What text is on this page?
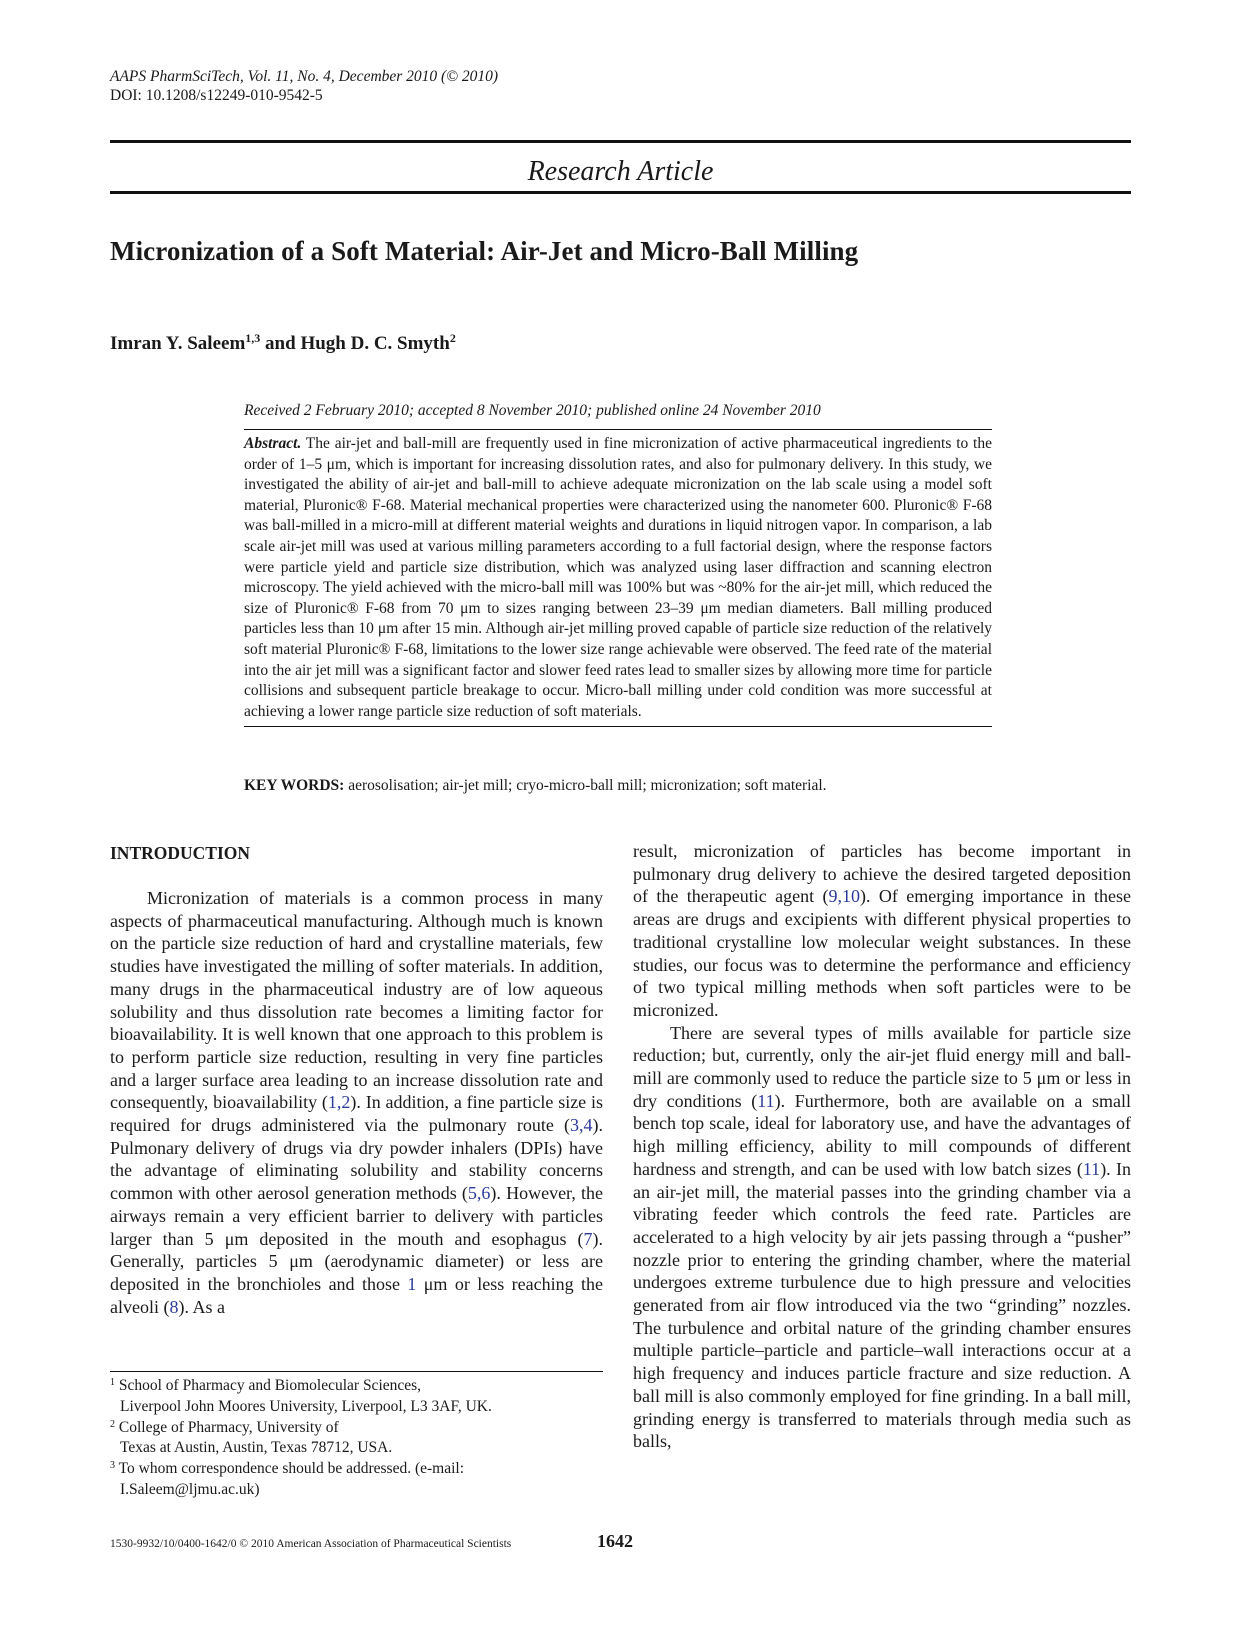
AAPS PharmSciTech, Vol. 11, No. 4, December 2010 (© 2010)
DOI: 10.1208/s12249-010-9542-5
Research Article
Micronization of a Soft Material: Air-Jet and Micro-Ball Milling
Imran Y. Saleem$^{1,3}$ and Hugh D. C. Smyth$^2$
Received 2 February 2010; accepted 8 November 2010; published online 24 November 2010
Abstract. The air-jet and ball-mill are frequently used in fine micronization of active pharmaceutical ingredients to the order of 1–5 μm, which is important for increasing dissolution rates, and also for pulmonary delivery. In this study, we investigated the ability of air-jet and ball-mill to achieve adequate micronization on the lab scale using a model soft material, Pluronic® F-68. Material mechanical properties were characterized using the nanometer 600. Pluronic® F-68 was ball-milled in a micro-mill at different material weights and durations in liquid nitrogen vapor. In comparison, a lab scale air-jet mill was used at various milling parameters according to a full factorial design, where the response factors were particle yield and particle size distribution, which was analyzed using laser diffraction and scanning electron microscopy. The yield achieved with the micro-ball mill was 100% but was ~80% for the air-jet mill, which reduced the size of Pluronic® F-68 from 70 μm to sizes ranging between 23–39 μm median diameters. Ball milling produced particles less than 10 μm after 15 min. Although air-jet milling proved capable of particle size reduction of the relatively soft material Pluronic® F-68, limitations to the lower size range achievable were observed. The feed rate of the material into the air jet mill was a significant factor and slower feed rates lead to smaller sizes by allowing more time for particle collisions and subsequent particle breakage to occur. Micro-ball milling under cold condition was more successful at achieving a lower range particle size reduction of soft materials.
KEY WORDS: aerosolisation; air-jet mill; cryo-micro-ball mill; micronization; soft material.
INTRODUCTION

Micronization of materials is a common process in many aspects of pharmaceutical manufacturing. Although much is known on the particle size reduction of hard and crystalline materials, few studies have investigated the milling of softer materials. In addition, many drugs in the pharmaceutical industry are of low aqueous solubility and thus dissolution rate becomes a limiting factor for bioavailability. It is well known that one approach to this problem is to perform particle size reduction, resulting in very fine particles and a larger surface area leading to an increase dissolution rate and consequently, bioavailability (1,2). In addition, a fine particle size is required for drugs administered via the pulmonary route (3,4). Pulmonary delivery of drugs via dry powder inhalers (DPIs) have the advantage of eliminating solubility and stability concerns common with other aerosol generation methods (5,6). However, the airways remain a very efficient barrier to delivery with particles larger than 5 μm deposited in the mouth and esophagus (7). Generally, particles 5 μm (aerodynamic diameter) or less are deposited in the bronchioles and those 1 μm or less reaching the alveoli (8). As a

$^1$ School of Pharmacy and Biomolecular Sciences,
Liverpool John Moores University, Liverpool, L3 3AF, UK.
$^2$ College of Pharmacy, University of
Texas at Austin, Austin, Texas 78712, USA.
$^3$ To whom correspondence should be addressed. (e-mail:
I.Saleem@ljmu.ac.uk)

result, micronization of particles has become important in pulmonary drug delivery to achieve the desired targeted deposition of the therapeutic agent (9,10). Of emerging importance in these areas are drugs and excipients with different physical properties to traditional crystalline low molecular weight substances. In these studies, our focus was to determine the performance and efficiency of two typical milling methods when soft particles were to be micronized.

There are several types of mills available for particle size reduction; but, currently, only the air-jet fluid energy mill and ball-mill are commonly used to reduce the particle size to 5 μm or less in dry conditions (11). Furthermore, both are available on a small bench top scale, ideal for laboratory use, and have the advantages of high milling efficiency, ability to mill compounds of different hardness and strength, and can be used with low batch sizes (11). In an air-jet mill, the material passes into the grinding chamber via a vibrating feeder which controls the feed rate. Particles are accelerated to a high velocity by air jets passing through a “pusher” nozzle prior to entering the grinding chamber, where the material undergoes extreme turbulence due to high pressure and velocities generated from air flow introduced via the two “grinding” nozzles. The turbulence and orbital nature of the grinding chamber ensures multiple particle–particle and particle–wall interactions occur at a high frequency and induces particle fracture and size reduction. A ball mill is also commonly employed for fine grinding. In a ball mill, grinding energy is transferred to materials through media such as balls,

1530-9932/10/0400-1642/0 © 2010 American Association of Pharmaceutical Scientists	1642
